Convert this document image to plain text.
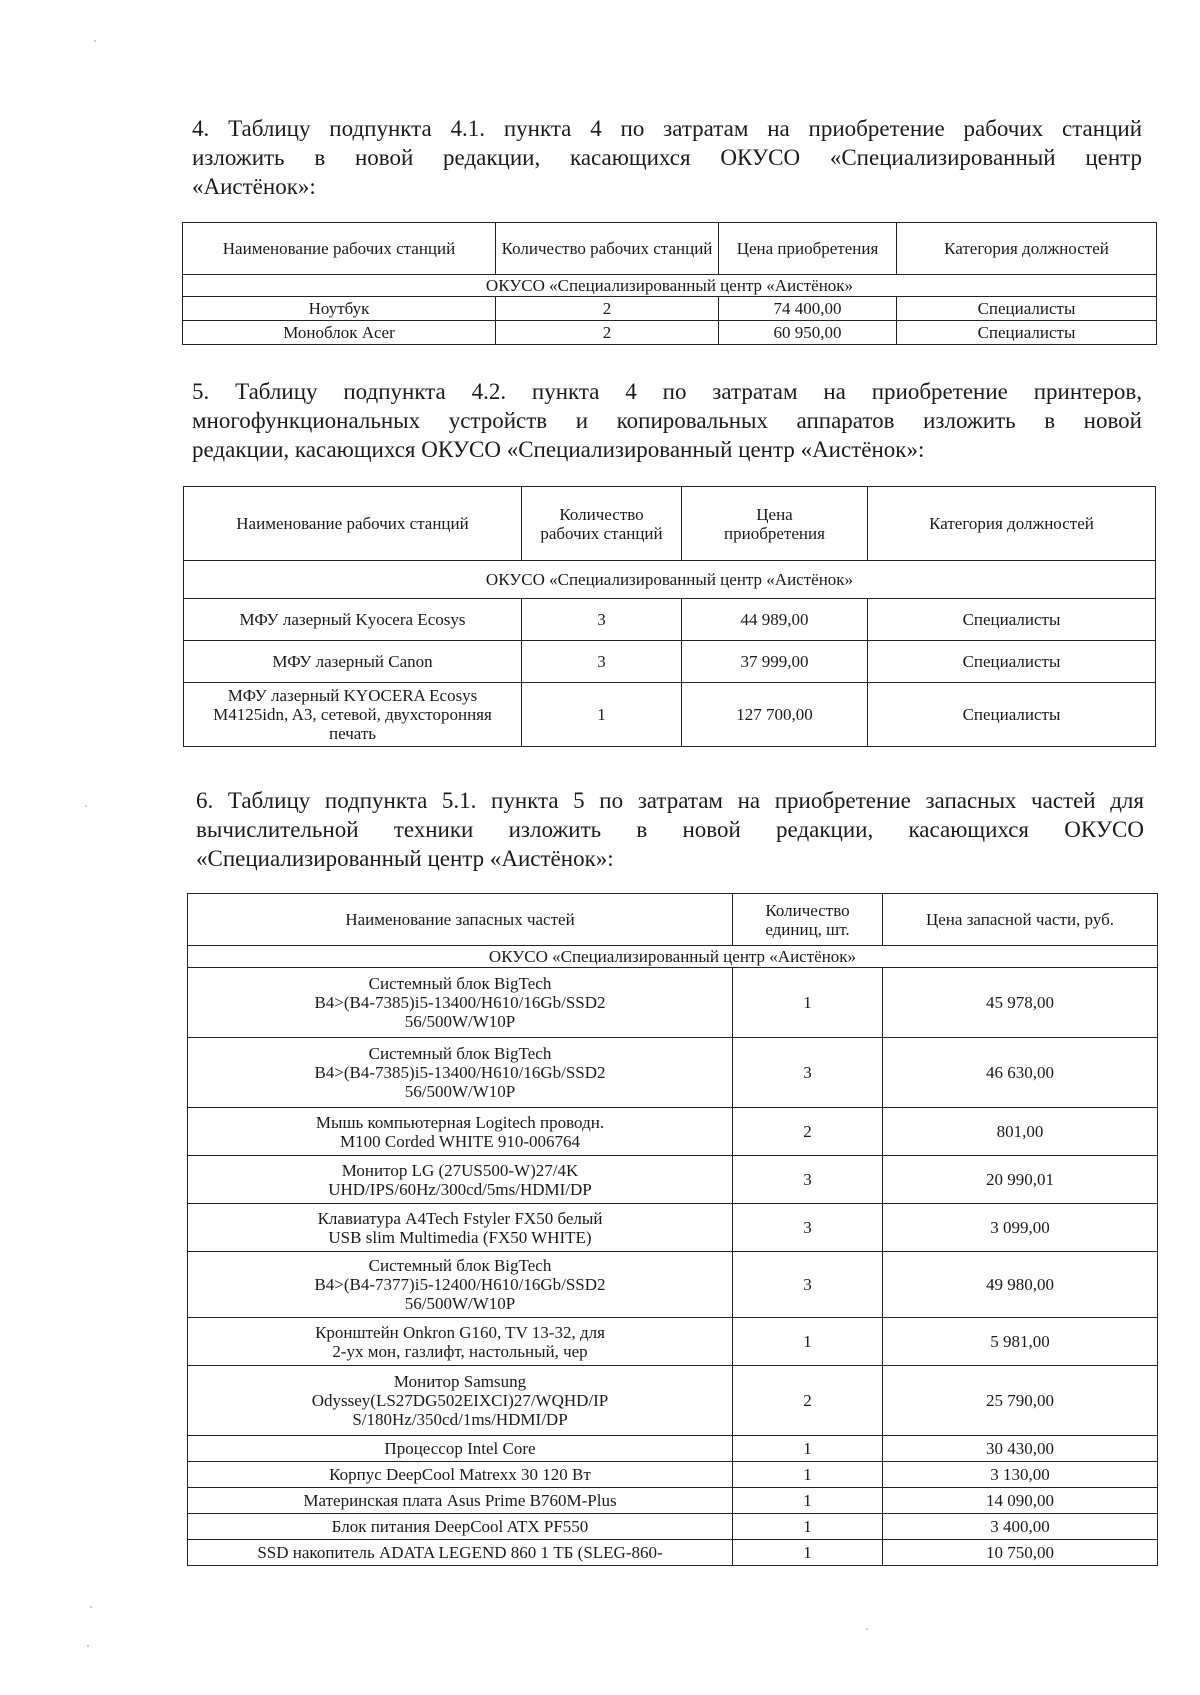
4. Таблицу подпункта 4.1. пункта 4 по затратам на приобретение рабочих станций
изложить в новой редакции, касающихся ОКУСО «Специализированный центр
«Аистёнок»:
Наименование рабочих станций	Количество рабочих станций	Цена приобретения	Категория должностей
ОКУСО «Специализированный центр «Аистёнок»			
Ноутбук	2	74 400,00	Специалисты
Моноблок Acer	2	60 950,00	Специалисты
5. Таблицу подпункта 4.2. пункта 4 по затратам на приобретение принтеров,
многофункциональных устройств и копировальных аппаратов изложить в новой
редакции, касающихся ОКУСО «Специализированный центр «Аистёнок»:
Наименование рабочих станций	Количество рабочих станций	Цена приобретения	Категория должностей
ОКУСО «Специализированный центр «Аистёнок»			
МФУ лазерный Kyocera Ecosys	3	44 989,00	Специалисты
МФУ лазерный Canon	3	37 999,00	Специалисты
МФУ лазерный KYOCERA Ecosys M4125idn, A3, сетевой, двухсторонняя печать	1	127 700,00	Специалисты
6. Таблицу подпункта 5.1. пункта 5 по затратам на приобретение запасных частей для
вычислительной техники изложить в новой редакции, касающихся ОКУСО
«Специализированный центр «Аистёнок»:
Наименование запасных частей	Количество единиц, шт.	Цена запасной части, руб.
ОКУСО «Специализированный центр «Аистёнок»		

Системный блок BigTech
B4>(B4-7385)i5-13400/H610/16Gb/SSD2
56/500W/W10P	1	45 978,00

Системный блок BigTech
B4>(B4-7385)i5-13400/H610/16Gb/SSD2
56/500W/W10P	3	46 630,00

Мышь компьютерная Logitech проводн.
M100 Corded WHITE 910-006764	2	801,00

Монитор LG (27US500-W)27/4K
UHD/IPS/60Hz/300cd/5ms/HDMI/DP	3	20 990,01

Клавиатура A4Tech Fstyler FX50 белый
USB slim Multimedia (FX50 WHITE)	3	3 099,00

Системный блок BigTech
B4>(B4-7377)i5-12400/H610/16Gb/SSD2
56/500W/W10P	3	49 980,00

Кронштейн Onkron G160, TV 13-32, для
2-ух мон, газлифт, настольный, чер	1	5 981,00

Монитор Samsung
Odyssey(LS27DG502EIXCI)27/WQHD/IP
S/180Hz/350cd/1ms/HDMI/DP	2	25 790,00

Процессор Intel Core	1	30 430,00

Корпус DeepCool Matrexx 30 120 Вт	1	3 130,00

Материнская плата Asus Prime B760M-Plus	1	14 090,00

Блок питания DeepCool ATX PF550	1	3 400,00

SSD накопитель ADATA LEGEND 860 1 ТБ (SLEG-860-	1	10 750,00
